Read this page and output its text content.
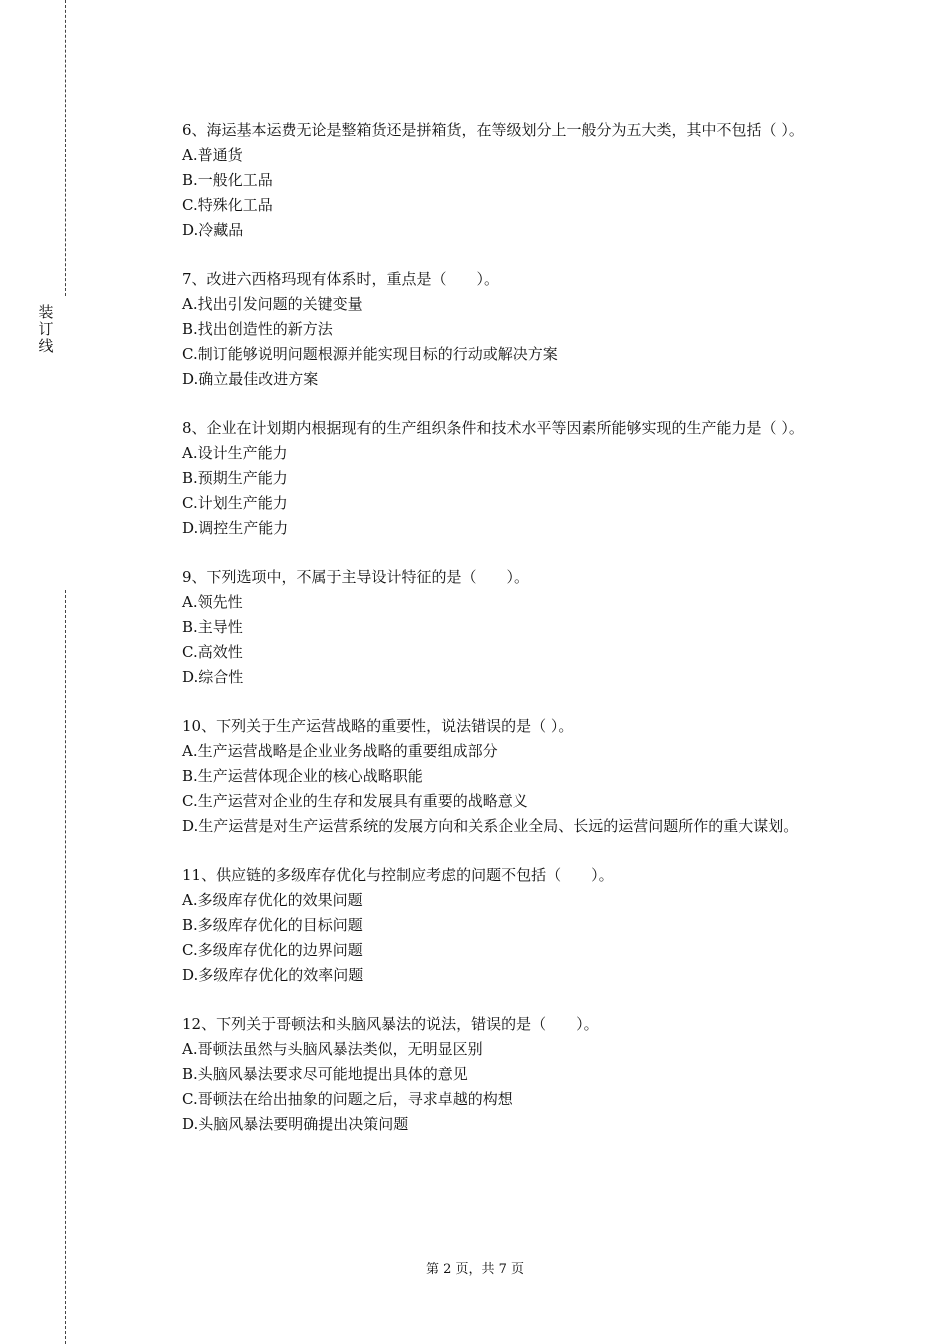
装
订
线

6、海运基本运费无论是整箱货还是拼箱货，在等级划分上一般分为五大类，其中不包括（ ）。

A.普通货

B.一般化工品

C.特殊化工品

D.冷藏品

7、改进六西格玛现有体系时，重点是（　　）。

A.找出引发问题的关键变量

B.找出创造性的新方法

C.制订能够说明问题根源并能实现目标的行动或解决方案

D.确立最佳改进方案

8、企业在计划期内根据现有的生产组织条件和技术水平等因素所能够实现的生产能力是（ ）。

A.设计生产能力

B.预期生产能力

C.计划生产能力

D.调控生产能力

9、下列选项中，不属于主导设计特征的是（　　）。

A.领先性

B.主导性

C.高效性

D.综合性

10、下列关于生产运营战略的重要性，说法错误的是（ ）。

A.生产运营战略是企业业务战略的重要组成部分

B.生产运营体现企业的核心战略职能

C.生产运营对企业的生存和发展具有重要的战略意义

D.生产运营是对生产运营系统的发展方向和关系企业全局、长远的运营问题所作的重大谋划。

11、供应链的多级库存优化与控制应考虑的问题不包括（　　）。

A.多级库存优化的效果问题

B.多级库存优化的目标问题

C.多级库存优化的边界问题

D.多级库存优化的效率问题

12、下列关于哥顿法和头脑风暴法的说法，错误的是（　　）。

A.哥顿法虽然与头脑风暴法类似，无明显区别

B.头脑风暴法要求尽可能地提出具体的意见

C.哥顿法在给出抽象的问题之后，寻求卓越的构想

D.头脑风暴法要明确提出决策问题

第 2 页，共 7 页
